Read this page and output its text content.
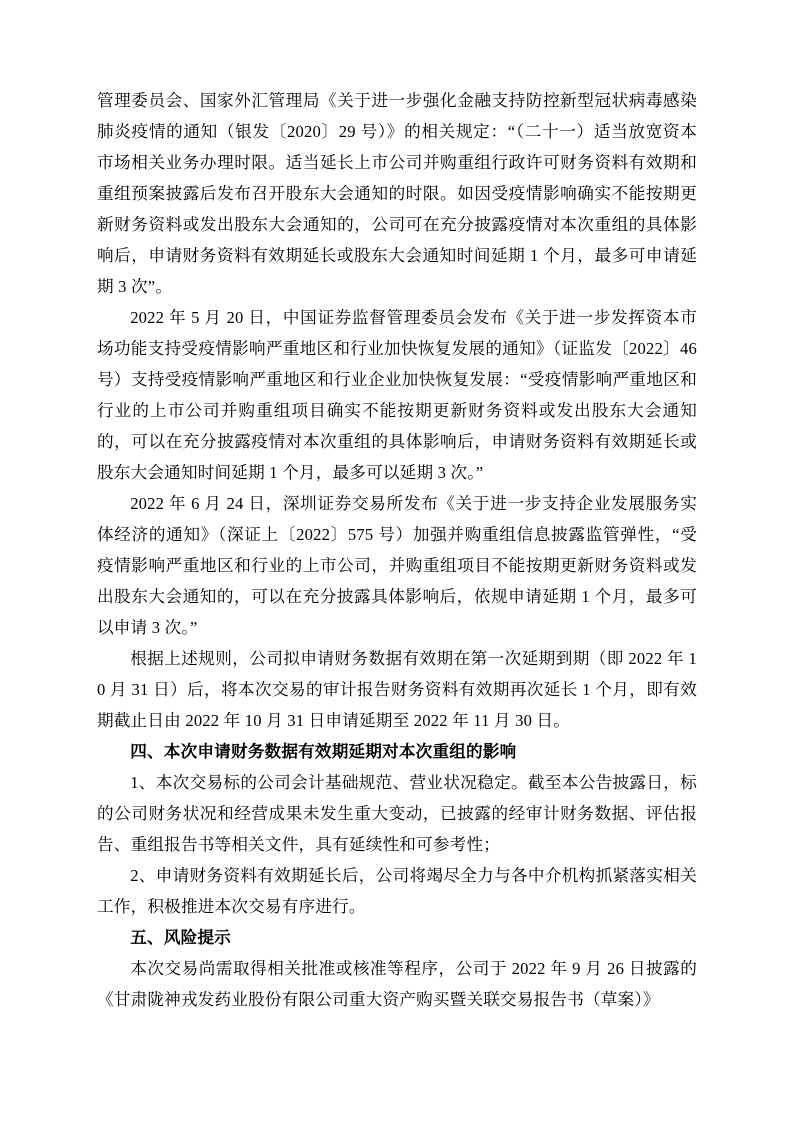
管理委员会、国家外汇管理局《关于进一步强化金融支持防控新型冠状病毒感染肺炎疫情的通知（银发〔2020〕29 号）》的相关规定：“（二十一）适当放宽资本市场相关业务办理时限。适当延长上市公司并购重组行政许可财务资料有效期和重组预案披露后发布召开股东大会通知的时限。如因受疫情影响确实不能按期更新财务资料或发出股东大会通知的，公司可在充分披露疫情对本次重组的具体影响后，申请财务资料有效期延长或股东大会通知时间延期 1 个月，最多可申请延期 3 次”。

2022 年 5 月 20 日，中国证券监督管理委员会发布《关于进一步发挥资本市场功能支持受疫情影响严重地区和行业加快恢复发展的通知》（证监发〔2022〕46 号）支持受疫情影响严重地区和行业企业加快恢复发展：“受疫情影响严重地区和行业的上市公司并购重组项目确实不能按期更新财务资料或发出股东大会通知的，可以在充分披露疫情对本次重组的具体影响后，申请财务资料有效期延长或股东大会通知时间延期 1 个月，最多可以延期 3 次。”

2022 年 6 月 24 日，深圳证券交易所发布《关于进一步支持企业发展服务实体经济的通知》（深证上〔2022〕575 号）加强并购重组信息披露监管弹性，“受疫情影响严重地区和行业的上市公司，并购重组项目不能按期更新财务资料或发出股东大会通知的，可以在充分披露具体影响后，依规申请延期 1 个月，最多可以申请 3 次。”

根据上述规则，公司拟申请财务数据有效期在第一次延期到期（即 2022 年 10 月 31 日）后，将本次交易的审计报告财务资料有效期再次延长 1 个月，即有效期截止日由 2022 年 10 月 31 日申请延期至 2022 年 11 月 30 日。

四、本次申请财务数据有效期延期对本次重组的影响

1、本次交易标的公司会计基础规范、营业状况稳定。截至本公告披露日，标的公司财务状况和经营成果未发生重大变动，已披露的经审计财务数据、评估报告、重组报告书等相关文件，具有延续性和可参考性；

2、申请财务资料有效期延长后，公司将竭尽全力与各中介机构抓紧落实相关工作，积极推进本次交易有序进行。

五、风险提示

本次交易尚需取得相关批准或核准等程序，公司于 2022 年 9 月 26 日披露的《甘肃陇神戎发药业股份有限公司重大资产购买暨关联交易报告书（草案）》
